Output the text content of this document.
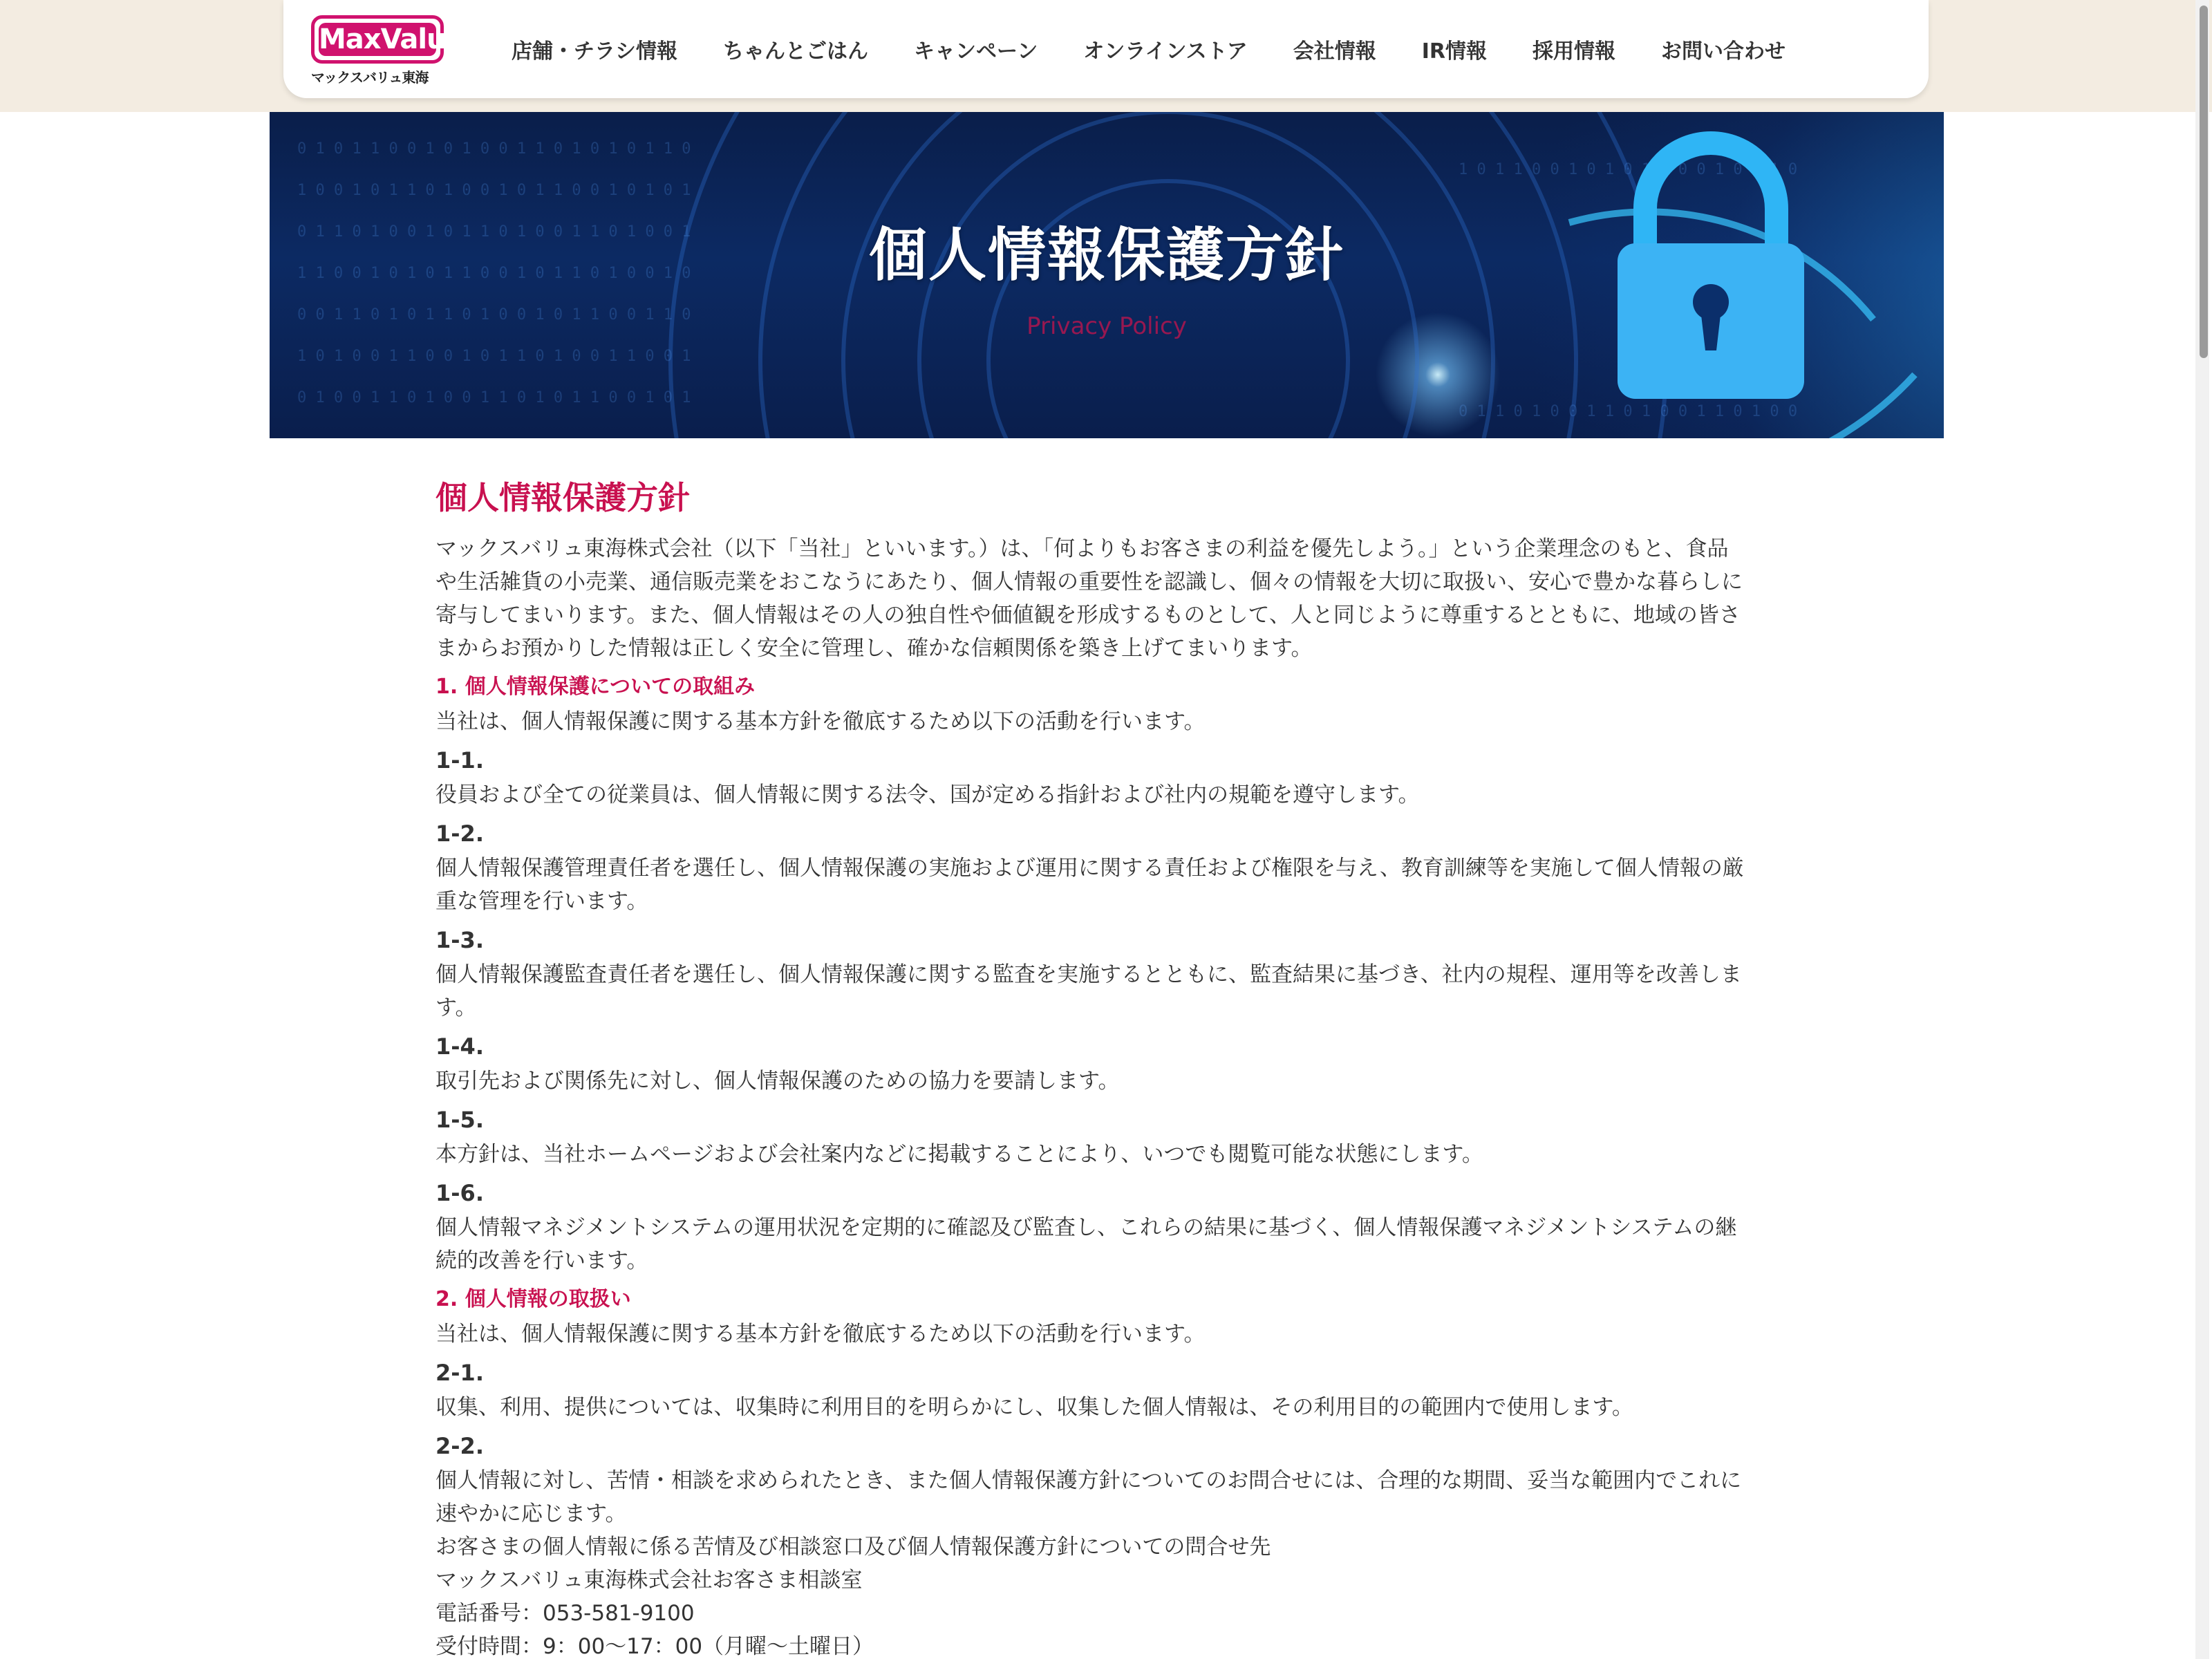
MaxValu
マックスバリュ東海
店舗・チラシ情報 ちゃんとごはん キャンペーン オンラインストア 会社情報 IR情報 採用情報 お問い合わせ
0 1 0 1 1 0 0 1 0 1 0 0 1 1 0 1 0 1 0 1 1 0
1 0 0 1 0 1 1 0 1 0 0 1 0 1 1 0 0 1 0 1 0 1
0 1 1 0 1 0 0 1 0 1 1 0 1 0 0 1 1 0 1 0 0 1
1 1 0 0 1 0 1 0 1 1 0 0 1 0 1 1 0 1 0 0 1 0
0 0 1 1 0 1 0 1 1 0 1 0 0 1 0 1 1 0 0 1 1 0
1 0 1 0 0 1 1 0 0 1 0 1 1 0 1 0 0 1 1 0 0 1
0 1 0 0 1 1 0 1 0 0 1 1 0 1 0 1 1 0 0 1 0 1
1 0 1 1 0 0 1 0 1 0 1 1 0 0 1 0 1 1 0
0 1 1 0 1 0 0 1 1 0 1 0 0 1 1 0 1 0 0
個人情報保護方針
Privacy Policy
個人情報保護方針

マックスバリュ東海株式会社（以下「当社」といいます。）は、「何よりもお客さまの利益を優先しよう。」という企業理念のもと、食品や生活雑貨の小売業、通信販売業をおこなうにあたり、個人情報の重要性を認識し、個々の情報を大切に取扱い、安心で豊かな暮らしに寄与してまいります。また、個人情報はその人の独自性や価値観を形成するものとして、人と同じように尊重するとともに、地域の皆さまからお預かりした情報は正しく安全に管理し、確かな信頼関係を築き上げてまいります。

1. 個人情報保護についての取組み

当社は、個人情報保護に関する基本方針を徹底するため以下の活動を行います。

1-1.

役員および全ての従業員は、個人情報に関する法令、国が定める指針および社内の規範を遵守します。

1-2.

個人情報保護管理責任者を選任し、個人情報保護の実施および運用に関する責任および権限を与え、教育訓練等を実施して個人情報の厳重な管理を行います。

1-3.

個人情報保護監査責任者を選任し、個人情報保護に関する監査を実施するとともに、監査結果に基づき、社内の規程、運用等を改善します。

1-4.

取引先および関係先に対し、個人情報保護のための協力を要請します。

1-5.

本方針は、当社ホームページおよび会社案内などに掲載することにより、いつでも閲覧可能な状態にします。

1-6.

個人情報マネジメントシステムの運用状況を定期的に確認及び監査し、これらの結果に基づく、個人情報保護マネジメントシステムの継続的改善を行います。

2. 個人情報の取扱い

当社は、個人情報保護に関する基本方針を徹底するため以下の活動を行います。

2-1.

収集、利用、提供については、収集時に利用目的を明らかにし、収集した個人情報は、その利用目的の範囲内で使用します。

2-2.

個人情報に対し、苦情・相談を求められたとき、また個人情報保護方針についてのお問合せには、合理的な期間、妥当な範囲内でこれに速やかに応じます。

お客さまの個人情報に係る苦情及び相談窓口及び個人情報保護方針についての問合せ先

マックスバリュ東海株式会社お客さま相談室

電話番号：053-581-9100

受付時間：9：00～17：00（月曜～土曜日）
